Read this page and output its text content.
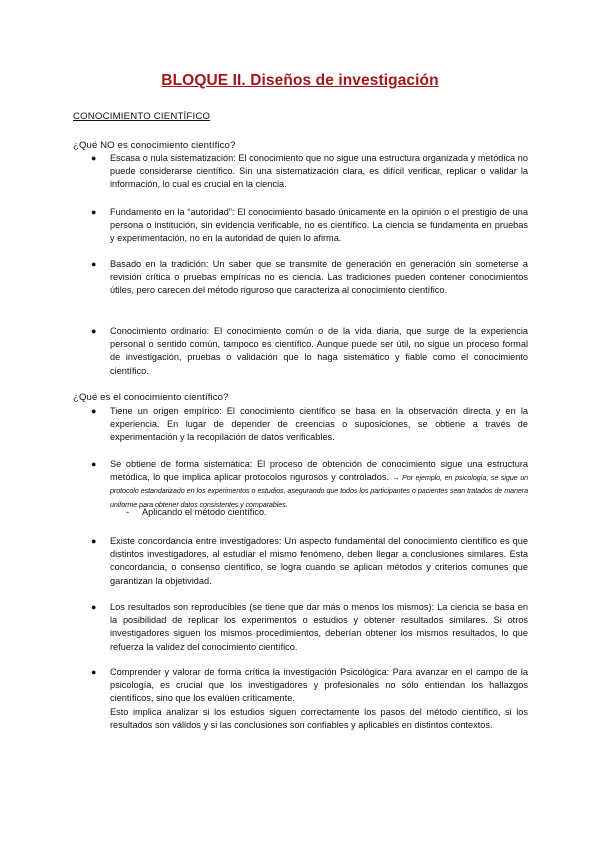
BLOQUE II. Diseños de investigación
CONOCIMIENTO CIENTÍFICO
¿Qué NO es conocimiento científico?
●
Escasa o nula sistematización: El conocimiento que no sigue una estructura organizada y metódica no puede considerarse científico. Sin una sistematización clara, es difícil verificar, replicar o validar la información, lo cual es crucial en la ciencia.
●
Fundamento en la “autoridad”: El conocimiento basado únicamente en la opinión o el prestigio de una persona o institución, sin evidencia verificable, no es científico. La ciencia se fundamenta en pruebas y experimentación, no en la autoridad de quien lo afirma.
●
Basado en la tradición: Un saber que se transmite de generación en generación sin someterse a revisión crítica o pruebas empíricas no es ciencia. Las tradiciones pueden contener conocimientos útiles, pero carecen del método riguroso que caracteriza al conocimiento científico.
●
Conocimiento ordinario: El conocimiento común o de la vida diaria, que surge de la experiencia personal o sentido común, tampoco es científico. Aunque puede ser útil, no sigue un proceso formal de investigación, pruebas o validación que lo haga sistemático y fiable como el conocimiento científico.
¿Qué es el conocimiento científico?
●
Tiene un origen empírico: El conocimiento científico se basa en la observación directa y en la experiencia. En lugar de depender de creencias o suposiciones, se obtiene a través de experimentación y la recopilación de datos verificables.
●
Se obtiene de forma sistemática: El proceso de obtención de conocimiento sigue una estructura metódica, lo que implica aplicar protocolos rigurosos y controlados. → Por ejemplo, en psicología, se sigue un protocolo estandarizado en los experimentos o estudios, asegurando que todos los participantes o pacientes sean tratados de manera uniforme para obtener datos consistentes y comparables.
- Aplicando el método científico.
●
Existe concordancia entre investigadores: Un aspecto fundamental del conocimiento científico es que distintos investigadores, al estudiar el mismo fenómeno, deben llegar a conclusiones similares. Esta concordancia, o consenso científico, se logra cuando se aplican métodos y criterios comunes que garantizan la objetividad.
●
Los resultados son reproducibles (se tiene que dar más o menos los mismos): La ciencia se basa en la posibilidad de replicar los experimentos o estudios y obtener resultados similares. Si otros investigadores siguen los mismos procedimientos, deberían obtener los mismos resultados, lo que refuerza la validez del conocimiento científico.
●
Comprender y valorar de forma crítica la investigación Psicológica: Para avanzar en el campo de la psicología, es crucial que los investigadores y profesionales no sólo entiendan los hallazgos científicos, sino que los evalúen críticamente.
Esto implica analizar si los estudios siguen correctamente los pasos del método científico, si los resultados son válidos y si las conclusiones son confiables y aplicables en distintos contextos.
